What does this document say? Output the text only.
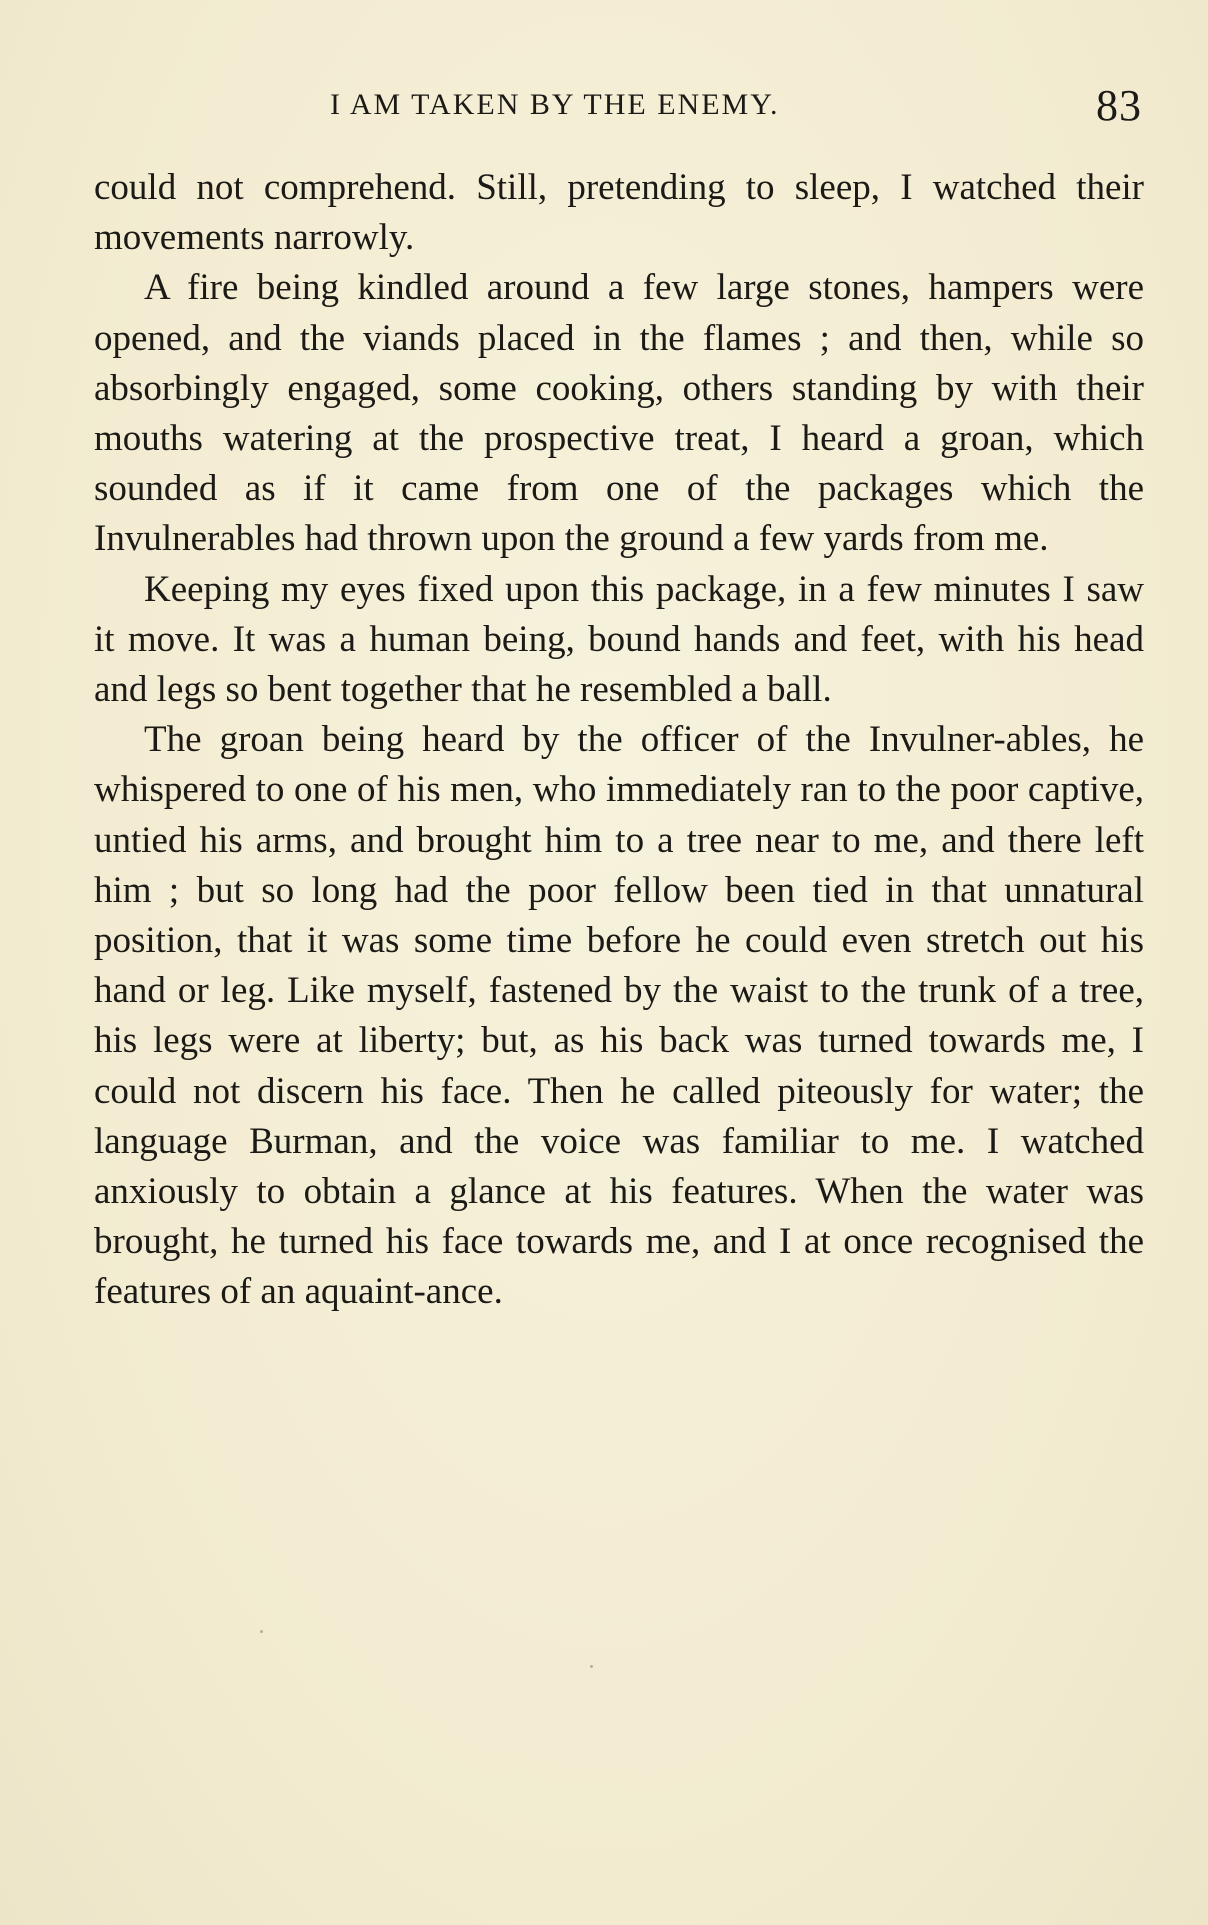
I AM TAKEN BY THE ENEMY.	83

could not comprehend. Still, pretending to sleep, I watched their movements narrowly.

A fire being kindled around a few large stones, hampers were opened, and the viands placed in the flames ; and then, while so absorbingly engaged, some cooking, others standing by with their mouths watering at the prospective treat, I heard a groan, which sounded as if it came from one of the packages which the Invulnerables had thrown upon the ground a few yards from me.

Keeping my eyes fixed upon this package, in a few minutes I saw it move. It was a human being, bound hands and feet, with his head and legs so bent together that he resembled a ball.

The groan being heard by the officer of the Invulner-ables, he whispered to one of his men, who immediately ran to the poor captive, untied his arms, and brought him to a tree near to me, and there left him ; but so long had the poor fellow been tied in that unnatural position, that it was some time before he could even stretch out his hand or leg. Like myself, fastened by the waist to the trunk of a tree, his legs were at liberty; but, as his back was turned towards me, I could not discern his face. Then he called piteously for water; the language Burman, and the voice was familiar to me. I watched anxiously to obtain a glance at his features. When the water was brought, he turned his face towards me, and I at once recognised the features of an aquaint-ance.
